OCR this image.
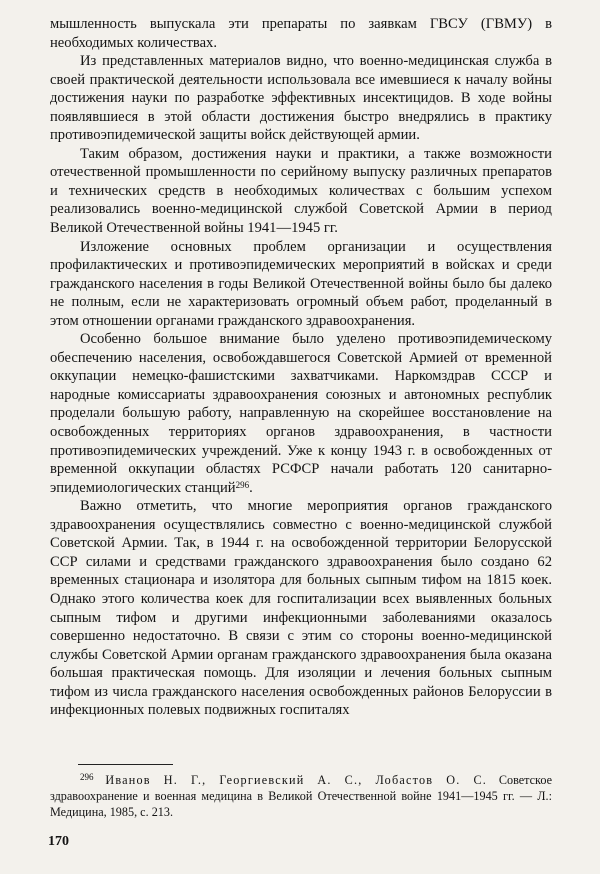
мышленность выпускала эти препараты по заявкам ГВСУ (ГВМУ) в необходимых количествах.

Из представленных материалов видно, что военно-медицинская служба в своей практической деятельности использовала все имевшиеся к началу войны достижения науки по разработке эффективных инсектицидов. В ходе войны появлявшиеся в этой области достижения быстро внедрялись в практику противоэпидемической защиты войск действующей армии.

Таким образом, достижения науки и практики, а также возможности отечественной промышленности по серийному выпуску различных препаратов и технических средств в необходимых количествах с большим успехом реализовались военно-медицинской службой Советской Армии в период Великой Отечественной войны 1941—1945 гг.

Изложение основных проблем организации и осуществления профилактических и противоэпидемических мероприятий в войсках и среди гражданского населения в годы Великой Отечественной войны было бы далеко не полным, если не характеризовать огромный объем работ, проделанный в этом отношении органами гражданского здравоохранения.

Особенно большое внимание было уделено противоэпидемическому обеспечению населения, освобождавшегося Советской Армией от временной оккупации немецко-фашистскими захватчиками. Наркомздрав СССР и народные комиссариаты здравоохранения союзных и автономных республик проделали большую работу, направленную на скорейшее восстановление на освобожденных территориях органов здравоохранения, в частности противоэпидемических учреждений. Уже к концу 1943 г. в освобожденных от временной оккупации областях РСФСР начали работать 120 санитарно-эпидемиологических станций$^{296}$.

Важно отметить, что многие мероприятия органов гражданского здравоохранения осуществлялись совместно с военно-медицинской службой Советской Армии. Так, в 1944 г. на освобожденной территории Белорусской ССР силами и средствами гражданского здравоохранения было создано 62 временных стационара и изолятора для больных сыпным тифом на 1815 коек. Однако этого количества коек для госпитализации всех выявленных больных сыпным тифом и другими инфекционными заболеваниями оказалось совершенно недостаточно. В связи с этим со стороны военно-медицинской службы Советской Армии органам гражданского здравоохранения была оказана большая практическая помощь. Для изоляции и лечения больных сыпным тифом из числа гражданского населения освобожденных районов Белоруссии в инфекционных полевых подвижных госпиталях

$^{296}$ Иванов Н. Г., Георгиевский А. С., Лобастов О. С. Советское здравоохранение и военная медицина в Великой Отечественной войне 1941—1945 гг. — Л.: Медицина, 1985, с. 213.

170
